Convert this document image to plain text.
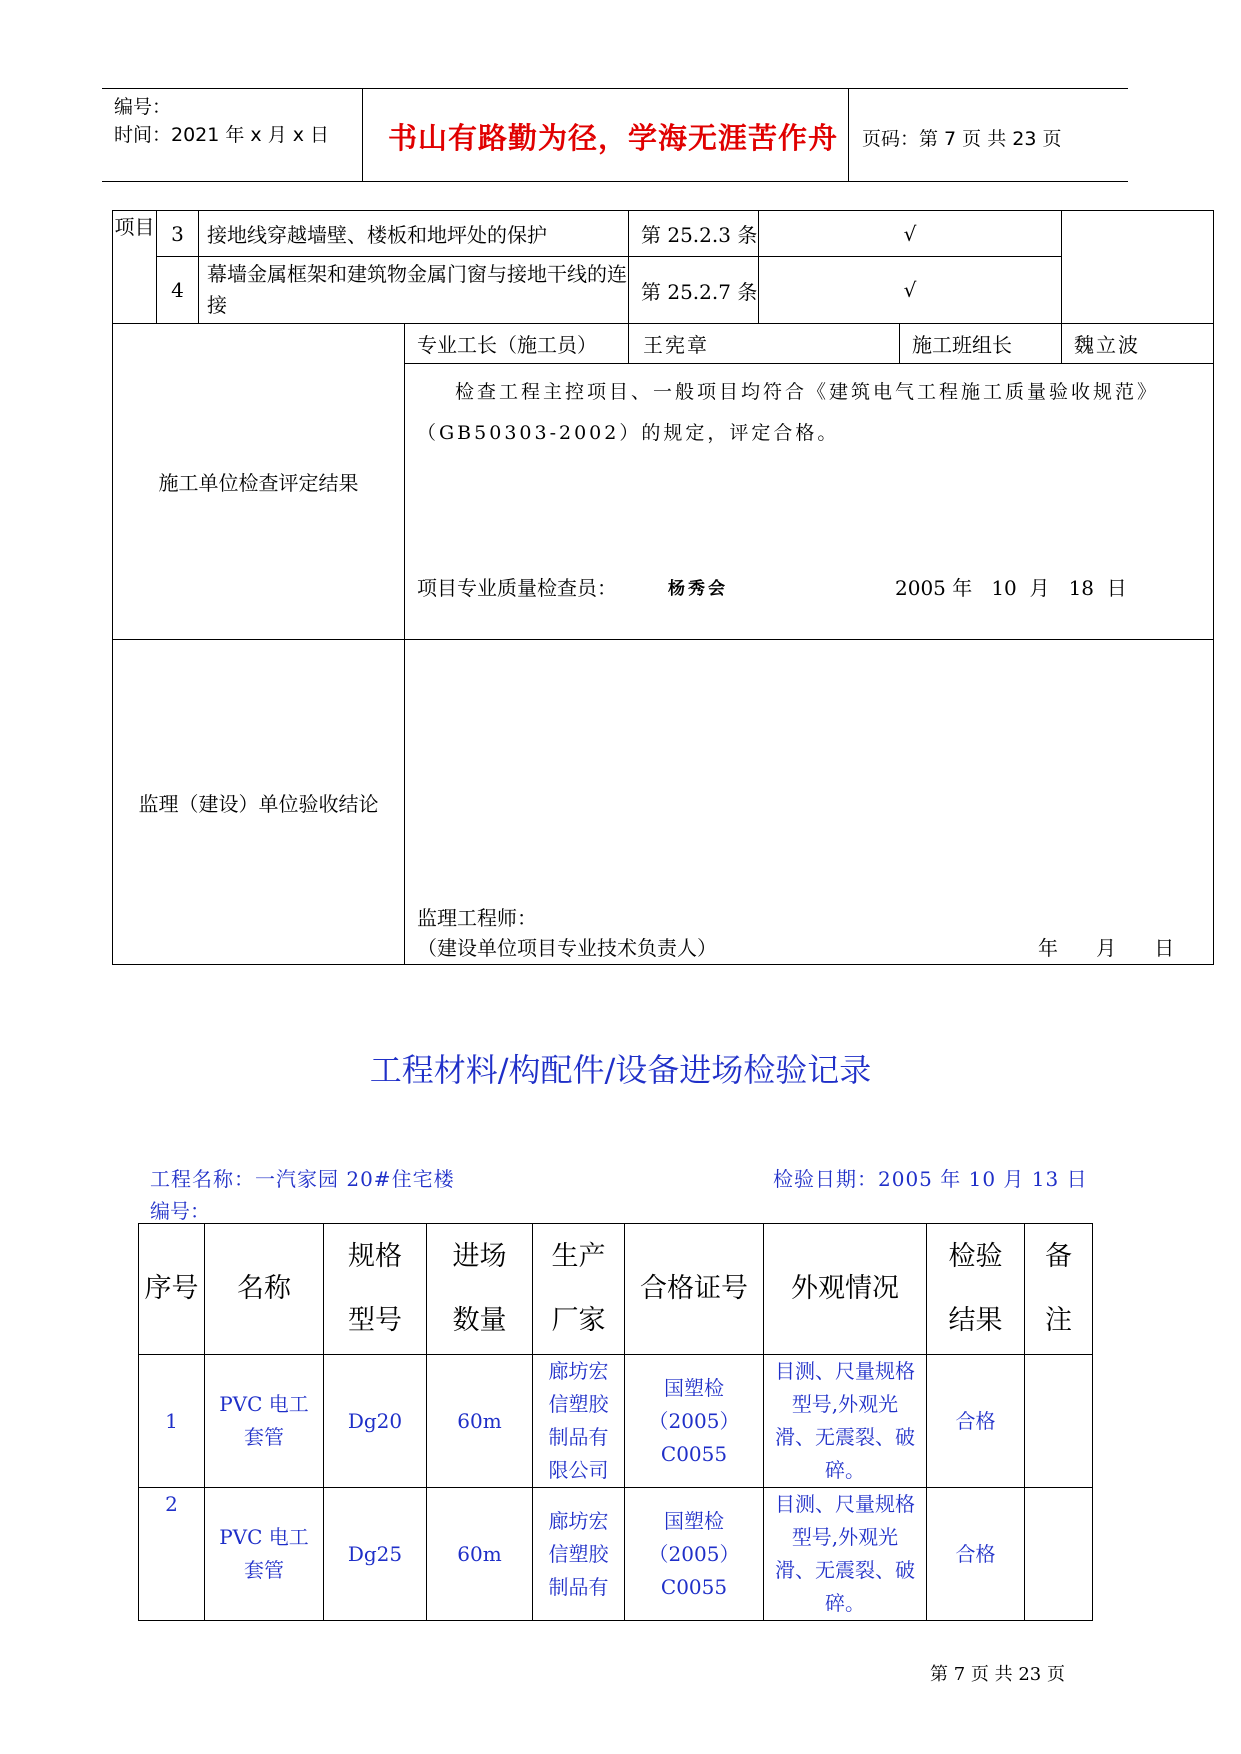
编号：
时间：2021 年 x 月 x 日 书山有路勤为径，学海无涯苦作舟 页码：第 7 页 共 23 页
项目	3	接地线穿越墙壁、楼板和地坪处的保护		第 25.2.3 条	√		
	4	幕墙金属框架和建筑物金属门窗与接地干线的连接		第 25.2.7 条	√		
施工单位检查评定结果			专业工长（施工员）	王宪章		施工班组长	魏立波

			检查工程主控项目、一般项目均符合《建筑电气工程施工质量验收规范》（GB50303-2002）的规定，评定合格。
项目专业质量检查员： 杨秀会 2005 年   10  月   18  日				

监理（建设）单位验收结论			监理工程师：
（建设单位项目专业技术负责人） 年      月      日				
工程材料/构配件/设备进场检验记录
工程名称：一汽家园 20#住宅楼	检验日期：2005 年 10 月 13 日
编号：
序号	名称	规格型号	进场数量	生产厂家	合格证号	外观情况	检验结果	备注
1	PVC 电工套管	Dg20	60m	廊坊宏信塑胶制品有限公司	国塑检（2005）C0055	目测、尺量规格型号,外观光滑、无震裂、破碎。	合格	
2	PVC 电工套管	Dg25	60m	廊坊宏信塑胶制品有	国塑检（2005）C0055	目测、尺量规格型号,外观光滑、无震裂、破碎。	合格	
第 7 页 共 23 页
